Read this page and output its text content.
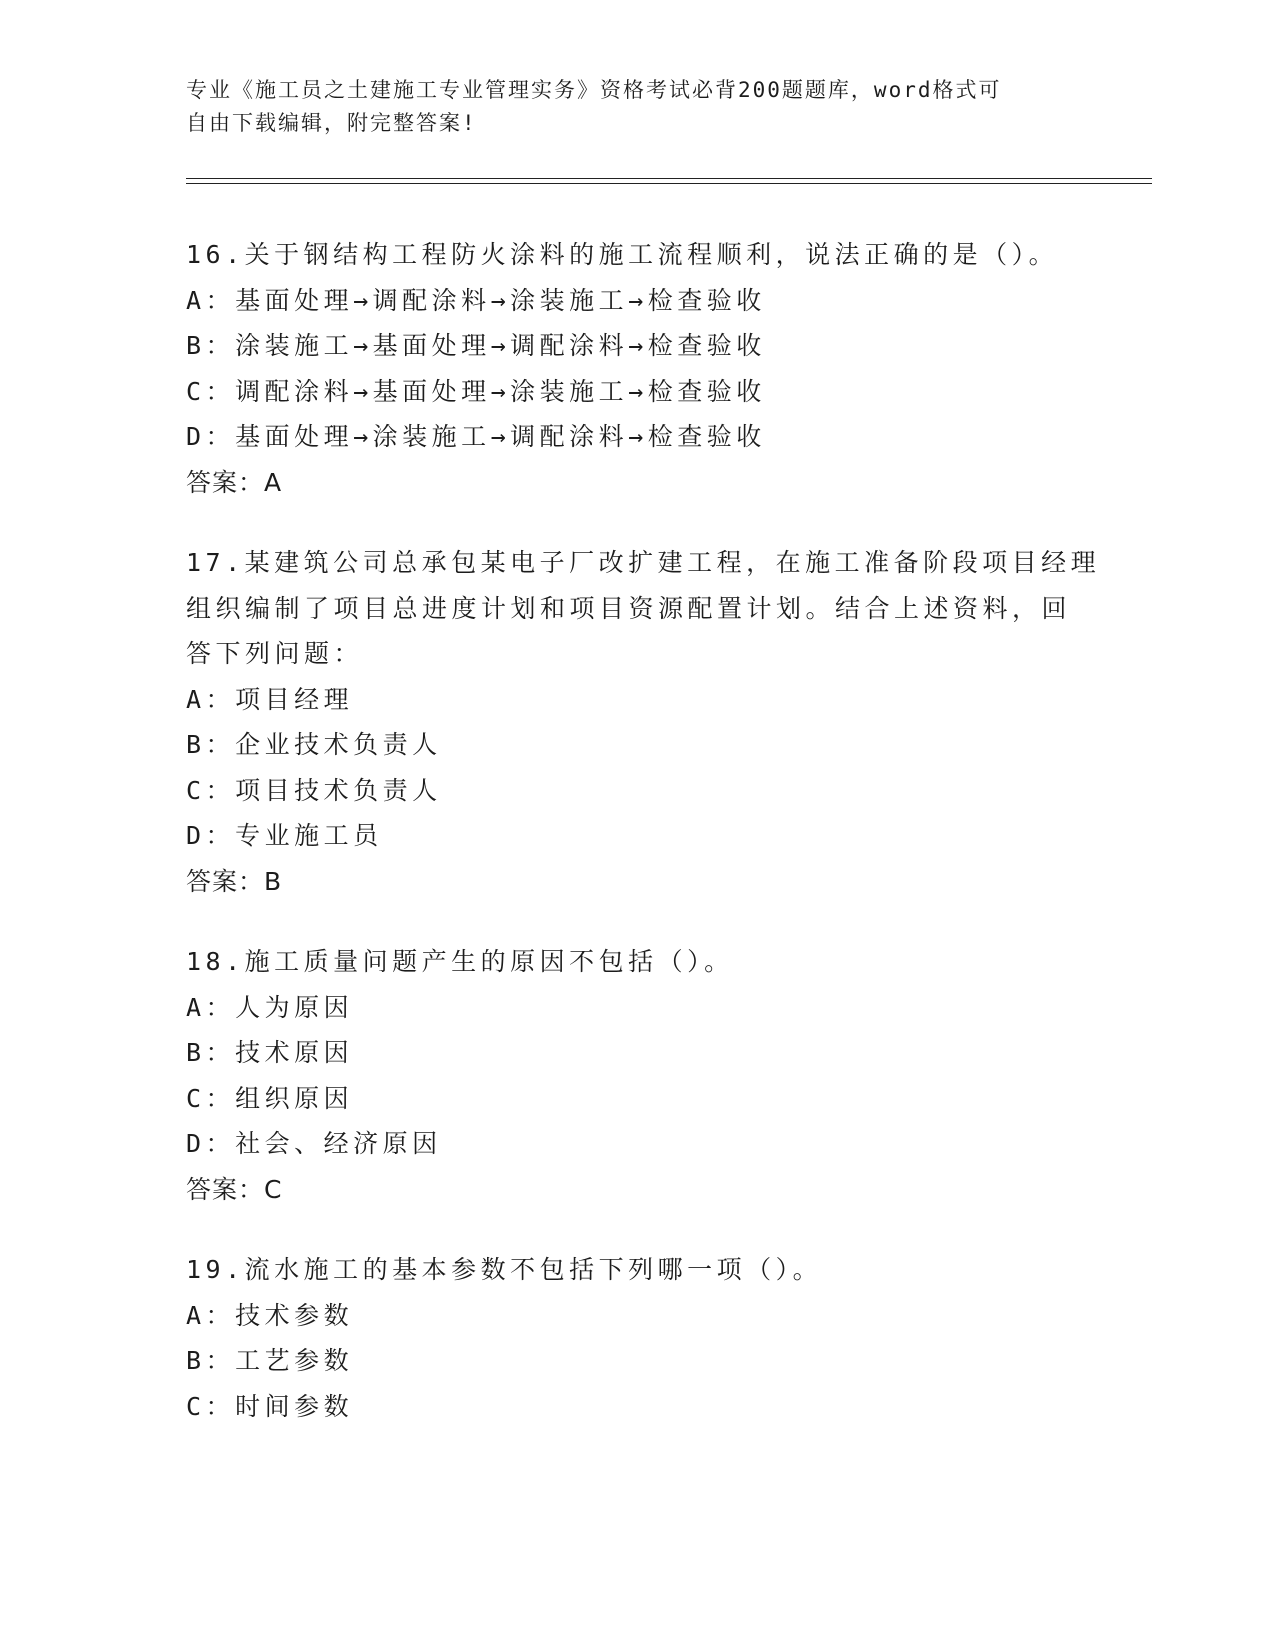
专业《施工员之土建施工专业管理实务》资格考试必背200题题库，word格式可
自由下载编辑，附完整答案!
16.关于钢结构工程防火涂料的施工流程顺利，说法正确的是（）。
A：基面处理→调配涂料→涂装施工→检查验收
B：涂装施工→基面处理→调配涂料→检查验收
C：调配涂料→基面处理→涂装施工→检查验收
D：基面处理→涂装施工→调配涂料→检查验收
答案：A
17.某建筑公司总承包某电子厂改扩建工程，在施工准备阶段项目经理
组织编制了项目总进度计划和项目资源配置计划。结合上述资料，回
答下列问题：
A：项目经理
B：企业技术负责人
C：项目技术负责人
D：专业施工员
答案：B
18.施工质量问题产生的原因不包括（）。
A：人为原因
B：技术原因
C：组织原因
D：社会、经济原因
答案：C
19.流水施工的基本参数不包括下列哪一项（）。
A：技术参数
B：工艺参数
C：时间参数
